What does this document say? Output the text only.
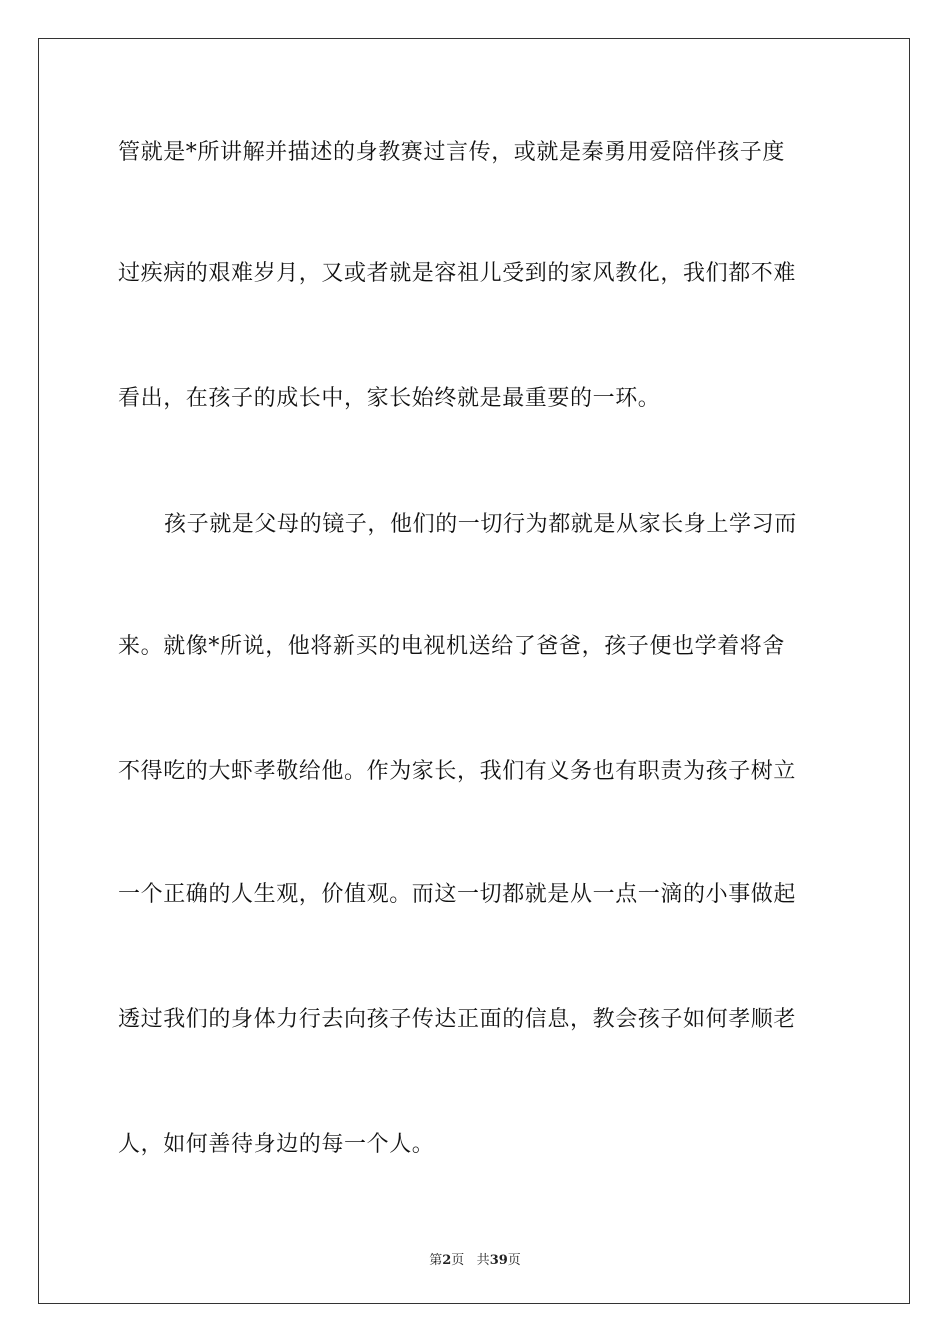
管就是*所讲解并描述的身教赛过言传，或就是秦勇用爱陪伴孩子度
过疾病的艰难岁月，又或者就是容祖儿受到的家风教化，我们都不难
看出，在孩子的成长中，家长始终就是最重要的一环。
孩子就是父母的镜子，他们的一切行为都就是从家长身上学习而
来。就像*所说，他将新买的电视机送给了爸爸，孩子便也学着将舍
不得吃的大虾孝敬给他。作为家长，我们有义务也有职责为孩子树立
一个正确的人生观，价值观。而这一切都就是从一点一滴的小事做起
透过我们的身体力行去向孩子传达正面的信息，教会孩子如何孝顺老
人，如何善待身边的每一个人。
第2页 共39页
